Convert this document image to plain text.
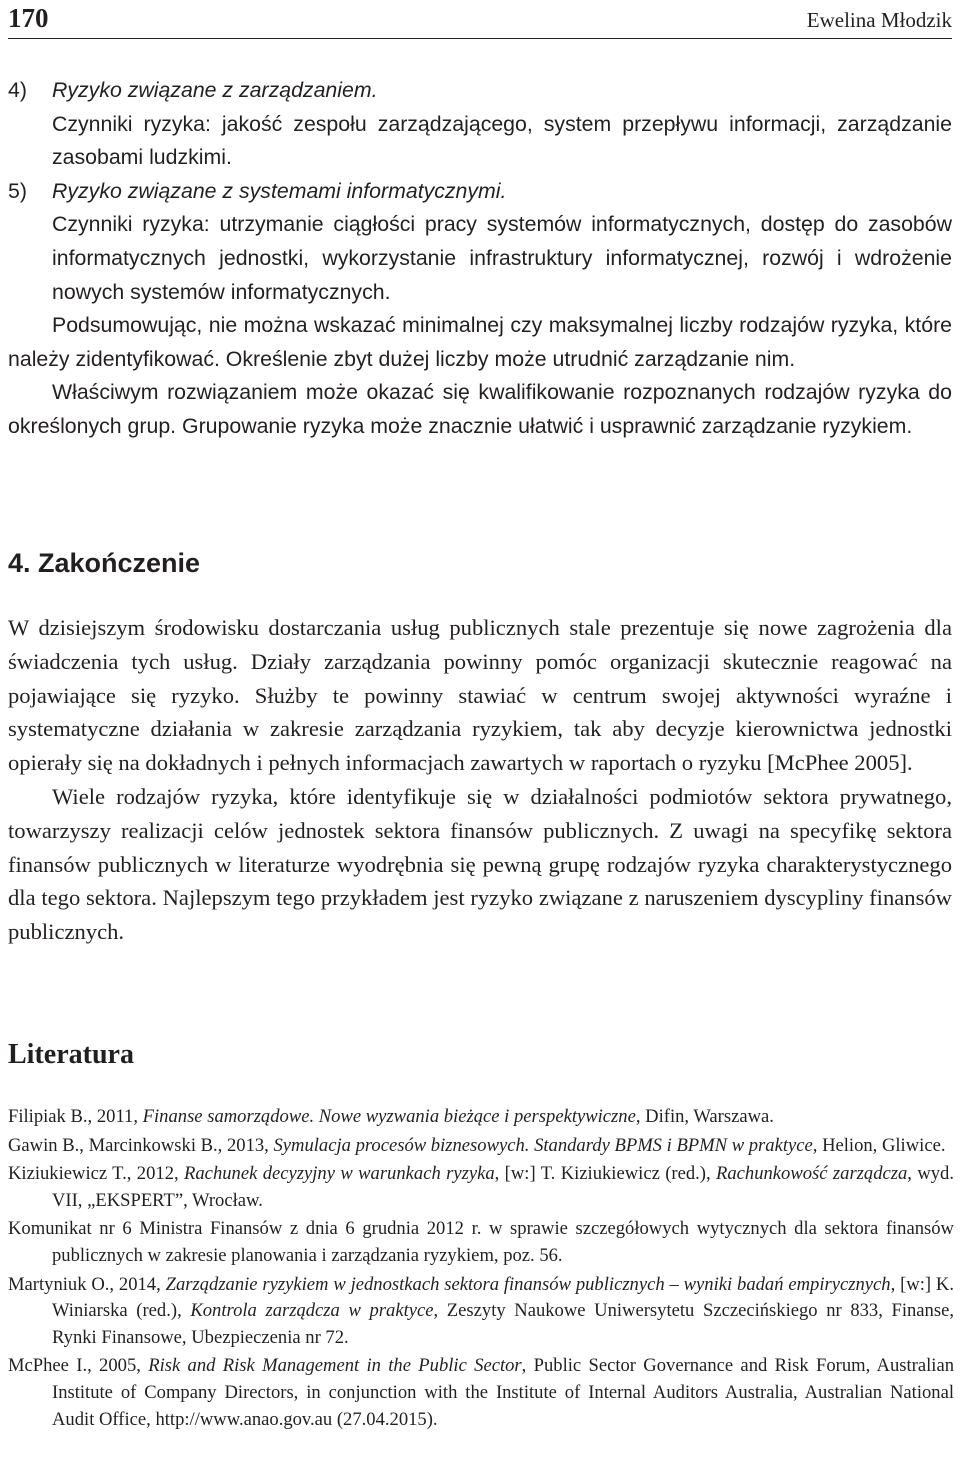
170	Ewelina Młodzik
4) Ryzyko związane z zarządzaniem.
Czynniki ryzyka: jakość zespołu zarządzającego, system przepływu informacji, zarządzanie zasobami ludzkimi.
5) Ryzyko związane z systemami informatycznymi.
Czynniki ryzyka: utrzymanie ciągłości pracy systemów informatycznych, dostęp do zasobów informatycznych jednostki, wykorzystanie infrastruktury informatycznej, rozwój i wdrożenie nowych systemów informatycznych.
Podsumowując, nie można wskazać minimalnej czy maksymalnej liczby rodzajów ryzyka, które należy zidentyfikować. Określenie zbyt dużej liczby może utrudnić zarządzanie nim.
Właściwym rozwiązaniem może okazać się kwalifikowanie rozpoznanych rodzajów ryzyka do określonych grup. Grupowanie ryzyka może znacznie ułatwić i usprawnić zarządzanie ryzykiem.
4. Zakończenie

W dzisiejszym środowisku dostarczania usług publicznych stale prezentuje się nowe zagrożenia dla świadczenia tych usług. Działy zarządzania powinny pomóc organizacji skutecznie reagować na pojawiające się ryzyko. Służby te powinny stawiać w centrum swojej aktywności wyraźne i systematyczne działania w zakresie zarządzania ryzykiem, tak aby decyzje kierownictwa jednostki opierały się na dokładnych i pełnych informacjach zawartych w raportach o ryzyku [McPhee 2005].

Wiele rodzajów ryzyka, które identyfikuje się w działalności podmiotów sektora prywatnego, towarzyszy realizacji celów jednostek sektora finansów publicznych. Z uwagi na specyfikę sektora finansów publicznych w literaturze wyodrębnia się pewną grupę rodzajów ryzyka charakterystycznego dla tego sektora. Najlepszym tego przykładem jest ryzyko związane z naruszeniem dyscypliny finansów publicznych.

Literatura

Filipiak B., 2011, Finanse samorządowe. Nowe wyzwania bieżące i perspektywiczne, Difin, Warszawa.

Gawin B., Marcinkowski B., 2013, Symulacja procesów biznesowych. Standardy BPMS i BPMN w praktyce, Helion, Gliwice.

Kiziukiewicz T., 2012, Rachunek decyzyjny w warunkach ryzyka, [w:] T. Kiziukiewicz (red.), Rachunkowość zarządcza, wyd. VII, „EKSPERT”, Wrocław.

Komunikat nr 6 Ministra Finansów z dnia 6 grudnia 2012 r. w sprawie szczegółowych wytycznych dla sektora finansów publicznych w zakresie planowania i zarządzania ryzykiem, poz. 56.

Martyniuk O., 2014, Zarządzanie ryzykiem w jednostkach sektora finansów publicznych – wyniki badań empirycznych, [w:] K. Winiarska (red.), Kontrola zarządcza w praktyce, Zeszyty Naukowe Uniwersytetu Szczecińskiego nr 833, Finanse, Rynki Finansowe, Ubezpieczenia nr 72.

McPhee I., 2005, Risk and Risk Management in the Public Sector, Public Sector Governance and Risk Forum, Australian Institute of Company Directors, in conjunction with the Institute of Internal Auditors Australia, Australian National Audit Office, http://www.anao.gov.au (27.04.2015).
